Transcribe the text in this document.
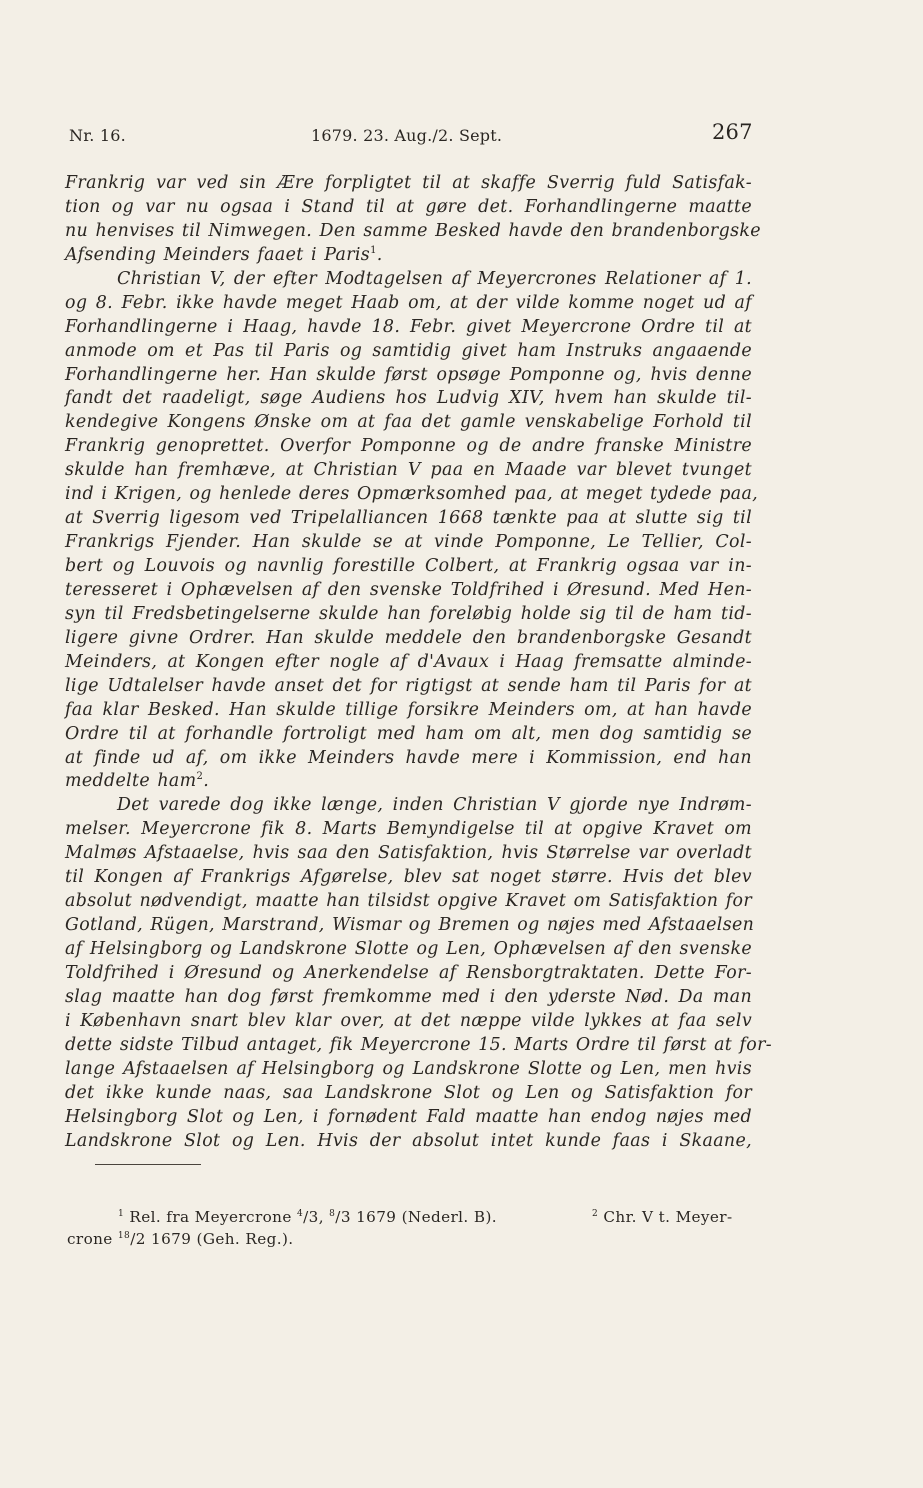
Nr. 16.	1679. 23. Aug./2. Sept.	267
Frankrig var ved sin Ære forpligtet til at skaffe Sverrig fuld Satisfak-
tion og var nu ogsaa i Stand til at gøre det. Forhandlingerne maatte
nu henvises til Nimwegen. Den samme Besked havde den brandenborgske
Afsending Meinders faaet i Paris$^1$.
Christian V, der efter Modtagelsen af Meyercrones Relationer af 1.
og 8. Febr. ikke havde meget Haab om, at der vilde komme noget ud af
Forhandlingerne i Haag, havde 18. Febr. givet Meyercrone Ordre til at
anmode om et Pas til Paris og samtidig givet ham Instruks angaaende
Forhandlingerne her. Han skulde først opsøge Pomponne og, hvis denne
fandt det raadeligt, søge Audiens hos Ludvig XIV, hvem han skulde til-
kendegive Kongens Ønske om at faa det gamle venskabelige Forhold til
Frankrig genoprettet. Overfor Pomponne og de andre franske Ministre
skulde han fremhæve, at Christian V paa en Maade var blevet tvunget
ind i Krigen, og henlede deres Opmærksomhed paa, at meget tydede paa,
at Sverrig ligesom ved Tripelalliancen 1668 tænkte paa at slutte sig til
Frankrigs Fjender. Han skulde se at vinde Pomponne, Le Tellier, Col-
bert og Louvois og navnlig forestille Colbert, at Frankrig ogsaa var in-
teresseret i Ophævelsen af den svenske Toldfrihed i Øresund. Med Hen-
syn til Fredsbetingelserne skulde han foreløbig holde sig til de ham tid-
ligere givne Ordrer. Han skulde meddele den brandenborgske Gesandt
Meinders, at Kongen efter nogle af d'Avaux i Haag fremsatte alminde-
lige Udtalelser havde anset det for rigtigst at sende ham til Paris for at
faa klar Besked. Han skulde tillige forsikre Meinders om, at han havde
Ordre til at forhandle fortroligt med ham om alt, men dog samtidig se
at finde ud af, om ikke Meinders havde mere i Kommission, end han
meddelte ham$^2$.
Det varede dog ikke længe, inden Christian V gjorde nye Indrøm-
melser. Meyercrone fik 8. Marts Bemyndigelse til at opgive Kravet om
Malmøs Afstaaelse, hvis saa den Satisfaktion, hvis Størrelse var overladt
til Kongen af Frankrigs Afgørelse, blev sat noget større. Hvis det blev
absolut nødvendigt, maatte han tilsidst opgive Kravet om Satisfaktion for
Gotland, Rügen, Marstrand, Wismar og Bremen og nøjes med Afstaaelsen
af Helsingborg og Landskrone Slotte og Len, Ophævelsen af den svenske
Toldfrihed i Øresund og Anerkendelse af Rensborgtraktaten. Dette For-
slag maatte han dog først fremkomme med i den yderste Nød. Da man
i København snart blev klar over, at det næppe vilde lykkes at faa selv
dette sidste Tilbud antaget, fik Meyercrone 15. Marts Ordre til først at for-
lange Afstaaelsen af Helsingborg og Landskrone Slotte og Len, men hvis
det ikke kunde naas, saa Landskrone Slot og Len og Satisfaktion for
Helsingborg Slot og Len, i fornødent Fald maatte han endog nøjes med
Landskrone Slot og Len. Hvis der absolut intet kunde faas i Skaane,
$^1$ Rel. fra Meyercrone $^4$/3, $^8$/3 1679 (Nederl. B).	$^2$ Chr. V t. Meyer-
crone $^{18}$/2 1679 (Geh. Reg.).
